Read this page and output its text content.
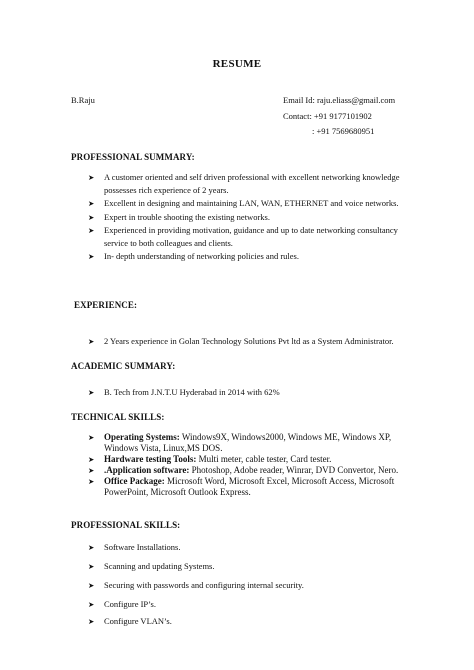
RESUME
B.Raju	Email Id: raju.eliass@gmail.com
Contact: +91 9177101902
: +91 7569680951
PROFESSIONAL SUMMARY:
➤ A customer oriented and self driven professional with excellent networking knowledge possesses rich experience of 2 years.
➤ Excellent in designing and maintaining LAN, WAN, ETHERNET and voice networks.
➤ Expert in trouble shooting the existing networks.
➤ Experienced in providing motivation, guidance and up to date networking consultancy service to both colleagues and clients.
➤ In- depth understanding of networking policies and rules.
EXPERIENCE:
➤ 2 Years experience in Golan Technology Solutions Pvt ltd as a System Administrator.
ACADEMIC SUMMARY:
➤ B. Tech from J.N.T.U Hyderabad in 2014 with 62%
TECHNICAL SKILLS:
➤ Operating Systems: Windows9X, Windows2000, Windows ME, Windows XP, Windows Vista, Linux,MS DOS.
➤ Hardware testing Tools: Multi meter, cable tester, Card tester.
➤ .Application software: Photoshop, Adobe reader, Winrar, DVD Convertor, Nero.
➤ Office Package: Microsoft Word, Microsoft Excel, Microsoft Access, Microsoft PowerPoint, Microsoft Outlook Express.
PROFESSIONAL SKILLS:
➤ Software Installations.
➤ Scanning and updating Systems.
➤ Securing with passwords and configuring internal security.
➤ Configure IP’s.
➤ Configure VLAN’s.
